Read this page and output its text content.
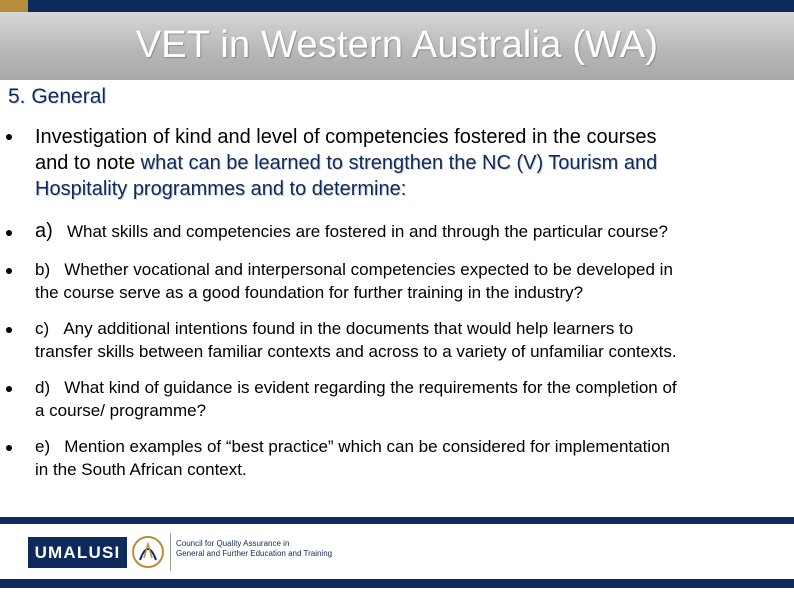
VET in Western Australia (WA)
5. General
Investigation of kind and level of competencies fostered in the courses
and to note what can be learned to strengthen the NC (V) Tourism and
Hospitality programmes and to determine:
a) What skills and competencies are fostered in and through the particular course?
b) Whether vocational and interpersonal competencies expected to be developed in
the course serve as a good foundation for further training in the industry?
c) Any additional intentions found in the documents that would help learners to
transfer skills between familiar contexts and across to a variety of unfamiliar contexts.
d) What kind of guidance is evident regarding the requirements for the completion of
a course/ programme?
e) Mention examples of “best practice” which can be considered for implementation
in the South African context.
UMALUSI	Council for Quality Assurance in
General and Further Education and Training
